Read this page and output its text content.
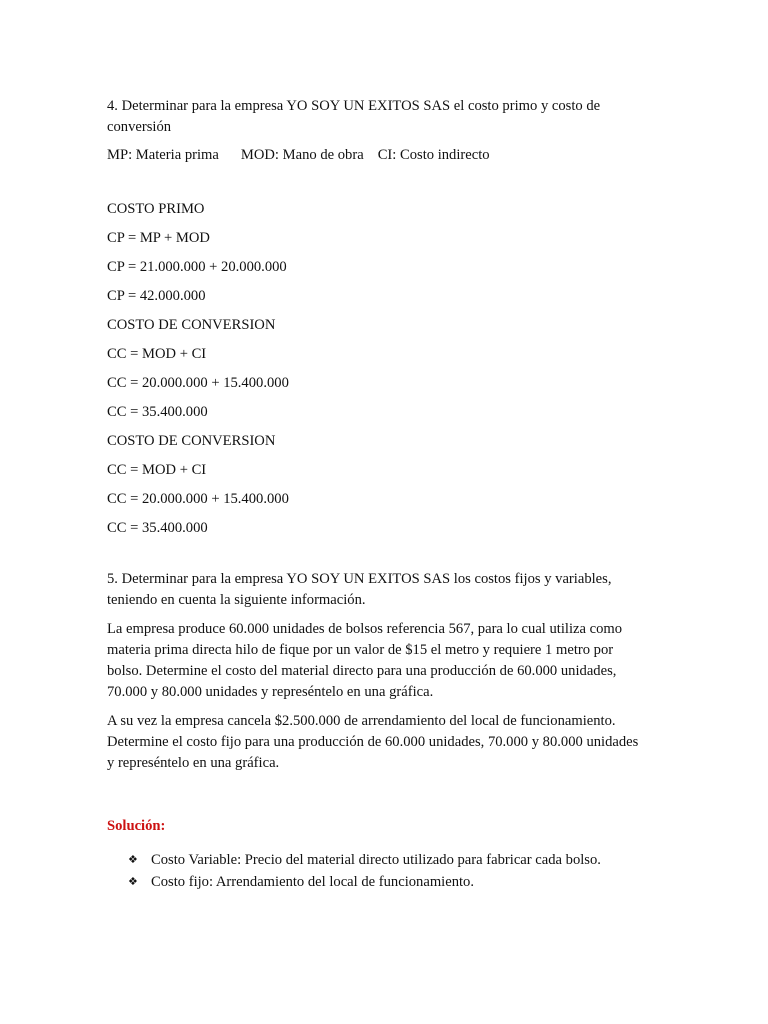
4. Determinar para la empresa YO SOY UN EXITOS SAS el costo primo y costo de

conversión

MP: Materia prima MOD: Mano de obra CI: Costo indirecto
COSTO PRIMO
CP = MP + MOD
CP = 21.000.000 + 20.000.000
CP = 42.000.000
COSTO DE CONVERSION
CC = MOD + CI
CC = 20.000.000 + 15.400.000
CC = 35.400.000
COSTO DE CONVERSION
CC = MOD + CI
CC = 20.000.000 + 15.400.000
CC = 35.400.000

5. Determinar para la empresa YO SOY UN EXITOS SAS los costos fijos y variables,

teniendo en cuenta la siguiente información.

La empresa produce 60.000 unidades de bolsos referencia 567, para lo cual utiliza como

materia prima directa hilo de fique por un valor de $15 el metro y requiere 1 metro por

bolso. Determine el costo del material directo para una producción de 60.000 unidades,

70.000 y 80.000 unidades y represéntelo en una gráfica.

A su vez la empresa cancela $2.500.000 de arrendamiento del local de funcionamiento.

Determine el costo fijo para una producción de 60.000 unidades, 70.000 y 80.000 unidades

y represéntelo en una gráfica.

Solución:
❖ Costo Variable: Precio del material directo utilizado para fabricar cada bolso.
❖ Costo fijo: Arrendamiento del local de funcionamiento.
